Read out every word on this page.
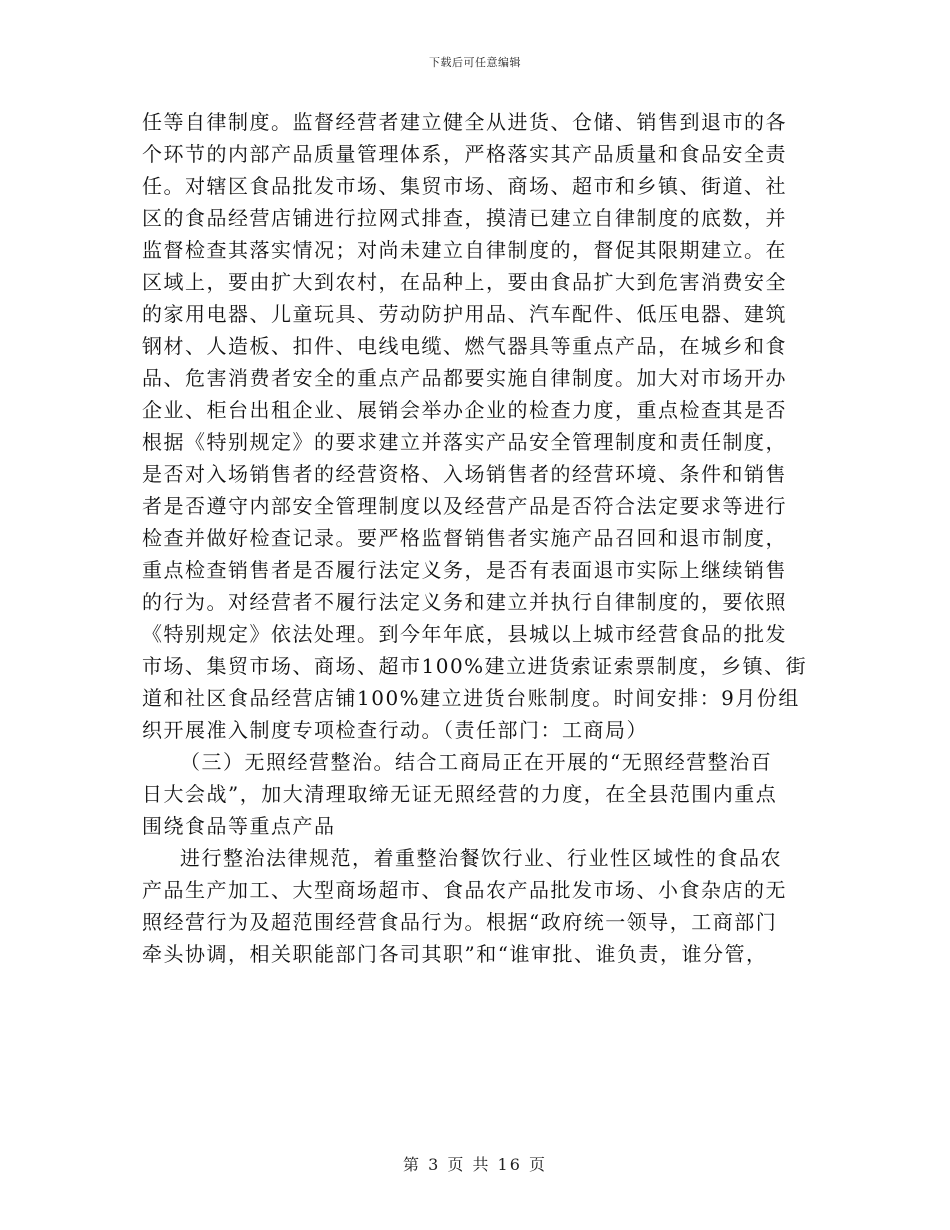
下载后可任意编辑
任等自律制度。监督经营者建立健全从进货、仓储、销售到退市的各
个环节的内部产品质量管理体系，严格落实其产品质量和食品安全责
任。对辖区食品批发市场、集贸市场、商场、超市和乡镇、街道、社
区的食品经营店铺进行拉网式排查，摸清已建立自律制度的底数，并
监督检查其落实情况；对尚未建立自律制度的，督促其限期建立。在
区域上，要由扩大到农村，在品种上，要由食品扩大到危害消费安全
的家用电器、儿童玩具、劳动防护用品、汽车配件、低压电器、建筑
钢材、人造板、扣件、电线电缆、燃气器具等重点产品，在城乡和食
品、危害消费者安全的重点产品都要实施自律制度。加大对市场开办
企业、柜台出租企业、展销会举办企业的检查力度，重点检查其是否
根据《特别规定》的要求建立并落实产品安全管理制度和责任制度，
是否对入场销售者的经营资格、入场销售者的经营环境、条件和销售
者是否遵守内部安全管理制度以及经营产品是否符合法定要求等进行
检查并做好检查记录。要严格监督销售者实施产品召回和退市制度，
重点检查销售者是否履行法定义务，是否有表面退市实际上继续销售
的行为。对经营者不履行法定义务和建立并执行自律制度的，要依照
《特别规定》依法处理。到今年年底，县城以上城市经营食品的批发
市场、集贸市场、商场、超市100%建立进货索证索票制度，乡镇、街
道和社区食品经营店铺100%建立进货台账制度。时间安排：9月份组
织开展准入制度专项检查行动。（责任部门：工商局）
（三）无照经营整治。结合工商局正在开展的“无照经营整治百
日大会战”，加大清理取缔无证无照经营的力度，在全县范围内重点
围绕食品等重点产品
进行整治法律规范，着重整治餐饮行业、行业性区域性的食品农
产品生产加工、大型商场超市、食品农产品批发市场、小食杂店的无
照经营行为及超范围经营食品行为。根据“政府统一领导，工商部门
牵头协调，相关职能部门各司其职”和“谁审批、谁负责，谁分管，
第 3 页 共 16 页
